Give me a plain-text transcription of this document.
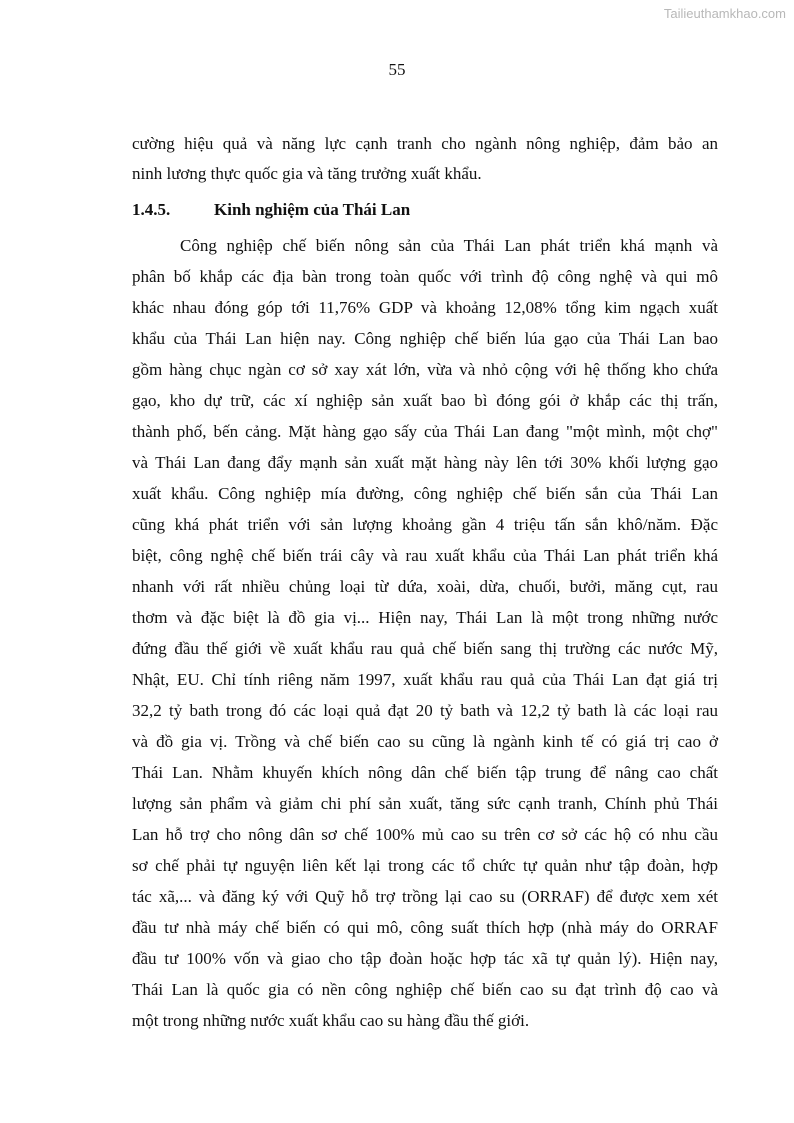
Tailieuthamkhao.com
55
cường hiệu quả và năng lực cạnh tranh cho ngành nông nghiệp, đảm bảo an
ninh lương thực quốc gia và tăng trưởng xuất khẩu.
1.4.5.	Kinh nghiệm của Thái Lan
Công nghiệp chế biến nông sản của Thái Lan phát triển khá mạnh và
phân bố khắp các địa bàn trong toàn quốc với trình độ công nghệ và qui mô
khác nhau đóng góp tới 11,76% GDP và khoảng 12,08% tổng kim ngạch xuất
khẩu của Thái Lan hiện nay. Công nghiệp chế biến lúa gạo của Thái Lan bao
gồm hàng chục ngàn cơ sở xay xát lớn, vừa và nhỏ cộng với hệ thống kho chứa
gạo, kho dự trữ, các xí nghiệp sản xuất bao bì đóng gói ở khắp các thị trấn,
thành phố, bến cảng. Mặt hàng gạo sấy của Thái Lan đang "một mình, một chợ"
và Thái Lan đang đẩy mạnh sản xuất mặt hàng này lên tới 30% khối lượng gạo
xuất khẩu. Công nghiệp mía đường, công nghiệp chế biến sắn của Thái Lan
cũng khá phát triển với sản lượng khoảng gần 4 triệu tấn sắn khô/năm. Đặc
biệt, công nghệ chế biến trái cây và rau xuất khẩu của Thái Lan phát triển khá
nhanh với rất nhiều chủng loại từ dứa, xoài, dừa, chuối, bưởi, măng cụt, rau
thơm và đặc biệt là đồ gia vị... Hiện nay, Thái Lan là một trong những nước
đứng đầu thế giới về xuất khẩu rau quả chế biến sang thị trường các nước Mỹ,
Nhật, EU. Chỉ tính riêng năm 1997, xuất khẩu rau quả của Thái Lan đạt giá trị
32,2 tỷ bath trong đó các loại quả đạt 20 tỷ bath và 12,2 tỷ bath là các loại rau
và đồ gia vị. Trồng và chế biến cao su cũng là ngành kinh tế có giá trị cao ở
Thái Lan. Nhằm khuyến khích nông dân chế biến tập trung để nâng cao chất
lượng sản phẩm và giảm chi phí sản xuất, tăng sức cạnh tranh, Chính phủ Thái
Lan hỗ trợ cho nông dân sơ chế 100% mủ cao su trên cơ sở các hộ có nhu cầu
sơ chế phải tự nguyện liên kết lại trong các tổ chức tự quản như tập đoàn, hợp
tác xã,... và đăng ký với Quỹ hỗ trợ trồng lại cao su (ORRAF) để được xem xét
đầu tư nhà máy chế biến có qui mô, công suất thích hợp (nhà máy do ORRAF
đầu tư 100% vốn và giao cho tập đoàn hoặc hợp tác xã tự quản lý). Hiện nay,
Thái Lan là quốc gia có nền công nghiệp chế biến cao su đạt trình độ cao và
một trong những nước xuất khẩu cao su hàng đầu thế giới.
